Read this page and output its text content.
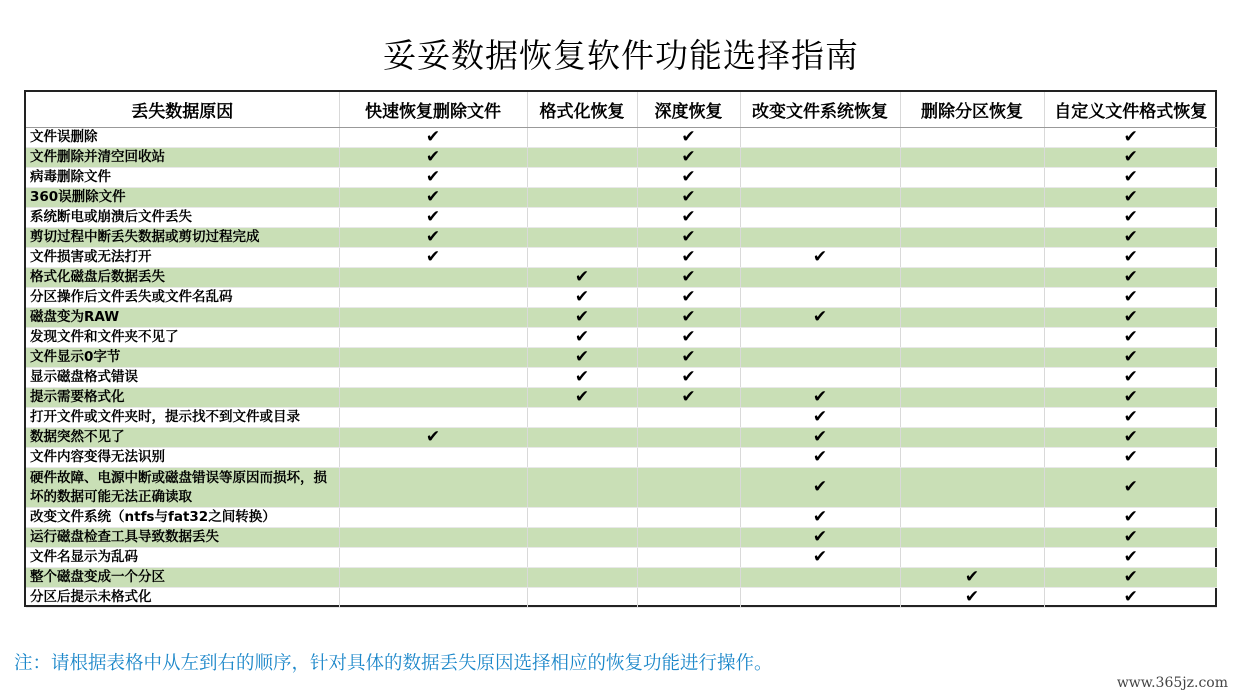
妥妥数据恢复软件功能选择指南
丢失数据原因	快速恢复删除文件	格式化恢复	深度恢复	改变文件系统恢复	删除分区恢复	自定义文件格式恢复
文件误删除	✔		✔			✔
文件删除并清空回收站	✔		✔			✔
病毒删除文件	✔		✔			✔
360误删除文件	✔		✔			✔
系统断电或崩溃后文件丢失	✔		✔			✔
剪切过程中断丢失数据或剪切过程完成	✔		✔			✔
文件损害或无法打开	✔		✔	✔		✔
格式化磁盘后数据丢失		✔	✔			✔
分区操作后文件丢失或文件名乱码		✔	✔			✔
磁盘变为RAW		✔	✔	✔		✔
发现文件和文件夹不见了		✔	✔			✔
文件显示0字节		✔	✔			✔
显示磁盘格式错误		✔	✔			✔
提示需要格式化		✔	✔	✔		✔
打开文件或文件夹时，提示找不到文件或目录				✔		✔
数据突然不见了	✔			✔		✔
文件内容变得无法识别				✔		✔
硬件故障、电源中断或磁盘错误等原因而损坏，损坏的数据可能无法正确读取				✔		✔
改变文件系统（ntfs与fat32之间转换）				✔		✔
运行磁盘检查工具导致数据丢失				✔		✔
文件名显示为乱码				✔		✔
整个磁盘变成一个分区					✔	✔
分区后提示未格式化					✔	✔
注：请根据表格中从左到右的顺序，针对具体的数据丢失原因选择相应的恢复功能进行操作。
www.365jz.com
